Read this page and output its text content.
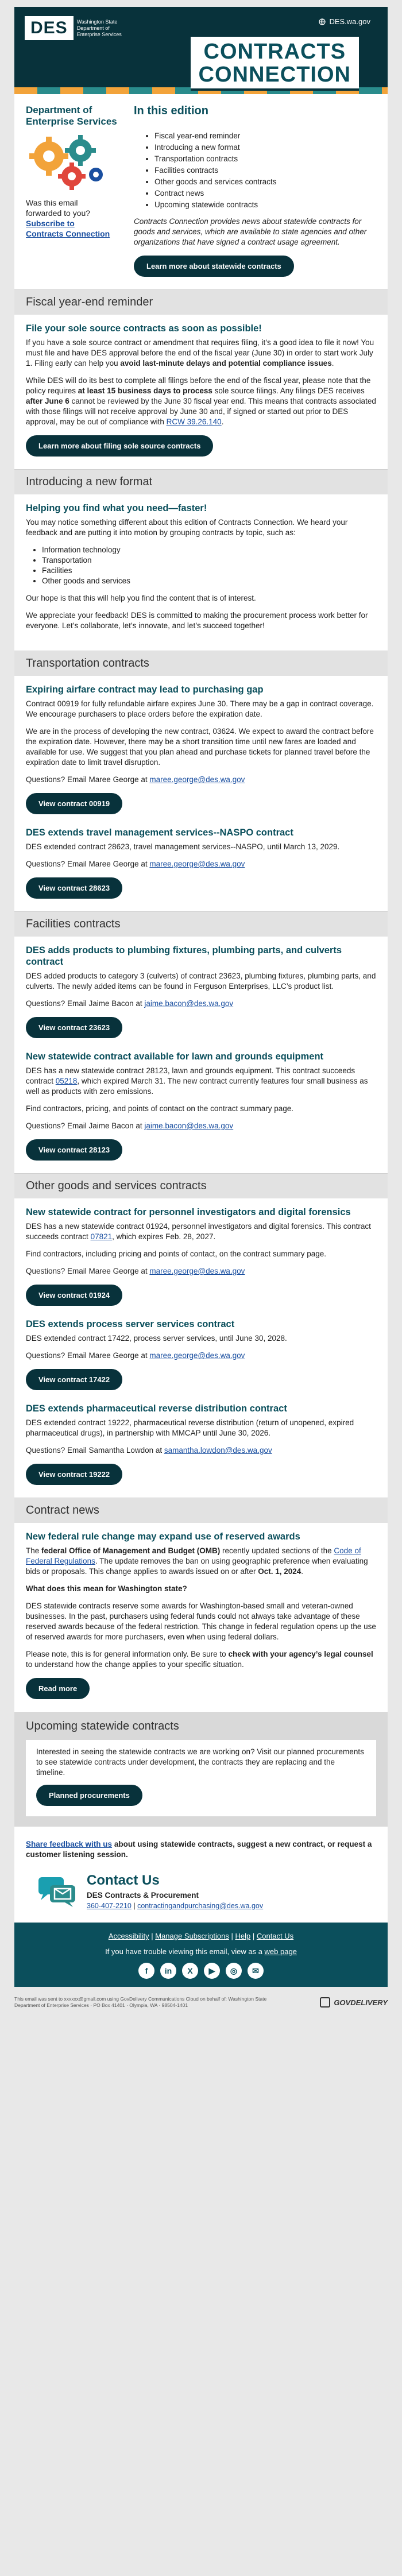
DES	Washington State
Department of
Enterprise Services
DES.wa.gov
CONTRACTS
CONNECTION
Department of Enterprise Services

Was this email
forwarded to you?

Subscribe to
Contracts Connection

In this edition
• Fiscal year-end reminder
• Introducing a new format
• Transportation contracts
• Facilities contracts
• Other goods and services contracts
• Contract news
• Upcoming statewide contracts

Contracts Connection provides news about statewide contracts for goods and services, which are available to state agencies and other organizations that have signed a contract usage agreement.

Learn more about statewide contracts
Fiscal year-end reminder
File your sole source contracts as soon as possible!

If you have a sole source contract or amendment that requires filing, it’s a good idea to file it now! You must file and have DES approval before the end of the fiscal year (June 30) in order to start work July 1. Filing early can help you avoid last-minute delays and potential compliance issues.

While DES will do its best to complete all filings before the end of the fiscal year, please note that the policy requires at least 15 business days to process sole source filings. Any filings DES receives after June 6 cannot be reviewed by the June 30 fiscal year end. This means that contracts associated with those filings will not receive approval by June 30 and, if signed or started out prior to DES approval, may be out of compliance with RCW 39.26.140.

Learn more about filing sole source contracts
Introducing a new format
Helping you find what you need—faster!

You may notice something different about this edition of Contracts Connection. We heard your feedback and are putting it into motion by grouping contracts by topic, such as:

• Information technology
• Transportation
• Facilities
• Other goods and services

Our hope is that this will help you find the content that is of interest.

We appreciate your feedback! DES is committed to making the procurement process work better for everyone. Let’s collaborate, let’s innovate, and let’s succeed together!

Transportation contracts
Expiring airfare contract may lead to purchasing gap

Contract 00919 for fully refundable airfare expires June 30. There may be a gap in contract coverage. We encourage purchasers to place orders before the expiration date.

We are in the process of developing the new contract, 03624. We expect to award the contract before the expiration date. However, there may be a short transition time until new fares are loaded and available for use. We suggest that you plan ahead and purchase tickets for planned travel before the expiration date to limit travel disruption.

Questions? Email Maree George at maree.george@des.wa.gov

View contract 00919
DES extends travel management services--NASPO contract

DES extended contract 28623, travel management services--NASPO, until March 13, 2029.

Questions? Email Maree George at maree.george@des.wa.gov

View contract 28623
Facilities contracts
DES adds products to plumbing fixtures, plumbing parts, and culverts contract

DES added products to category 3 (culverts) of contract 23623, plumbing fixtures, plumbing parts, and culverts. The newly added items can be found in Ferguson Enterprises, LLC’s product list.

Questions? Email Jaime Bacon at jaime.bacon@des.wa.gov

View contract 23623
New statewide contract available for lawn and grounds equipment

DES has a new statewide contract 28123, lawn and grounds equipment. This contract succeeds contract 05218, which expired March 31. The new contract currently features four small business as well as products with zero emissions.

Find contractors, pricing, and points of contact on the contract summary page.

Questions? Email Jaime Bacon at jaime.bacon@des.wa.gov

View contract 28123
Other goods and services contracts
New statewide contract for personnel investigators and digital forensics

DES has a new statewide contract 01924, personnel investigators and digital forensics. This contract succeeds contract 07821, which expires Feb. 28, 2027.

Find contractors, including pricing and points of contact, on the contract summary page.

Questions? Email Maree George at maree.george@des.wa.gov

View contract 01924
DES extends process server services contract

DES extended contract 17422, process server services, until June 30, 2028.

Questions? Email Maree George at maree.george@des.wa.gov

View contract 17422
DES extends pharmaceutical reverse distribution contract

DES extended contract 19222, pharmaceutical reverse distribution (return of unopened, expired pharmaceutical drugs), in partnership with MMCAP until June 30, 2026.

Questions? Email Samantha Lowdon at samantha.lowdon@des.wa.gov

View contract 19222
Contract news
New federal rule change may expand use of reserved awards

The federal Office of Management and Budget (OMB) recently updated sections of the Code of Federal Regulations. The update removes the ban on using geographic preference when evaluating bids or proposals. This change applies to awards issued on or after Oct. 1, 2024.

What does this mean for Washington state?

DES statewide contracts reserve some awards for Washington-based small and veteran-owned businesses. In the past, purchasers using federal funds could not always take advantage of these reserved awards because of the federal restriction. This change in federal regulation opens up the use of reserved awards for more purchasers, even when using federal dollars.

Please note, this is for general information only. Be sure to check with your agency’s legal counsel to understand how the change applies to your specific situation.

Read more
Upcoming statewide contracts

Interested in seeing the statewide contracts we are working on? Visit our planned procurements to see statewide contracts under development, the contracts they are replacing and the timeline.

Planned procurements
Share feedback with us about using statewide contracts, suggest a new contract, or request a customer listening session.
Contact Us

DES Contracts & Procurement

360-407-2210 | contractingandpurchasing@des.wa.gov
Accessibility | Manage Subscriptions | Help | Contact Us
If you have trouble viewing this email, view as a web page
f	in	X	▶	◎	✉

This email was sent to xxxxxx@gmail.com using GovDelivery Communications Cloud on behalf of: Washington State Department of Enterprise Services · PO Box 41401 · Olympia, WA · 98504-1401	GOVDELIVERY
